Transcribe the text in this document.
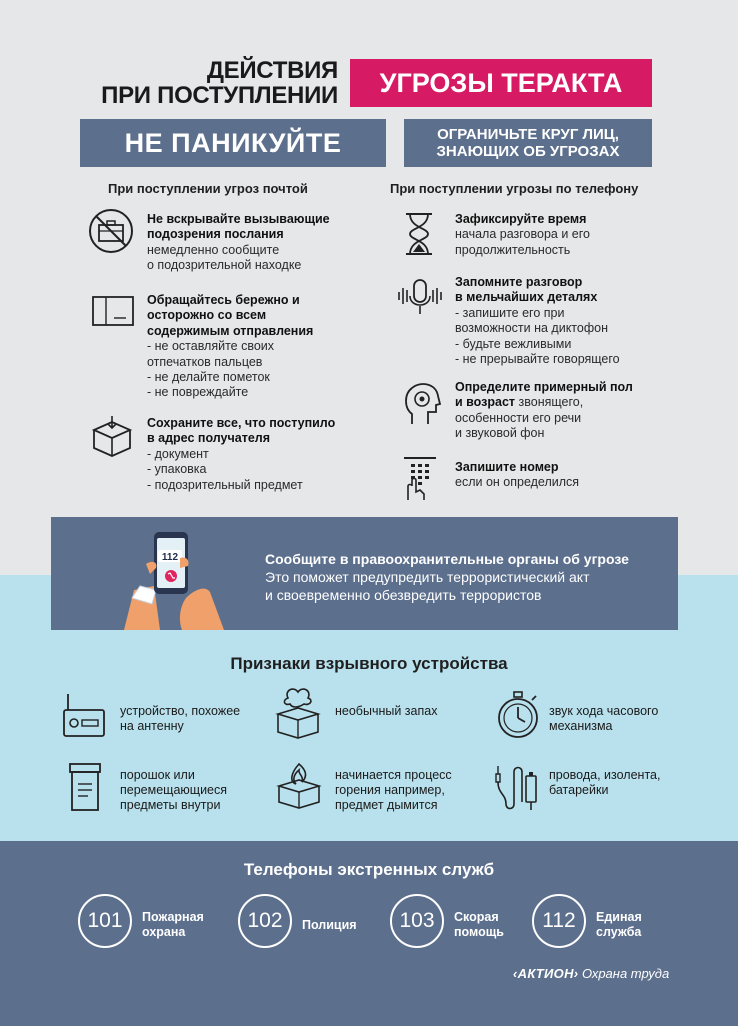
ДЕЙСТВИЯ
ПРИ ПОСТУПЛЕНИИ	УГРОЗЫ ТЕРАКТА
НЕ ПАНИКУЙТЕ	ОГРАНИЧЬТЕ КРУГ ЛИЦ,
ЗНАЮЩИХ ОБ УГРОЗАХ
При поступлении угроз почтой	При поступлении угрозы по телефону
Не вскрывайте вызывающие
подозрения послания
немедленно сообщите
о подозрительной находке
Обращайтесь бережно и
осторожно со всем
содержимым отправления
- не оставляйте своих
отпечатков пальцев
- не делайте пометок
- не повреждайте
Сохраните все, что поступило
в адрес получателя
- документ
- упаковка
- подозрительный предмет
Зафиксируйте время
начала разговора и его
продолжительность
Запомните разговор
в мельчайших деталях
- запишите его при
возможности на диктофон
- будьте вежливыми
- не прерывайте говорящего
Определите примерный пол
и возраст звонящего,
особенности его речи
и звуковой фон
Запишите номер
если он определился
112	Сообщите в правоохранительные органы об угрозе
Это поможет предупредить террористический акт
и своевременно обезвредить террористов
Признаки взрывного устройства
устройство, похожее
на антенну
необычный запах	звук хода часового
механизма
порошок или
перемещающиеся
предметы внутри
начинается процесс
горения например,
предмет дымится
провода, изолента,
батарейки
Телефоны экстренных служб
101	Пожарная
охрана	102	Полиция	103	Скорая
помощь	112	Единая
служба
‹АКТИОН› Охрана труда
